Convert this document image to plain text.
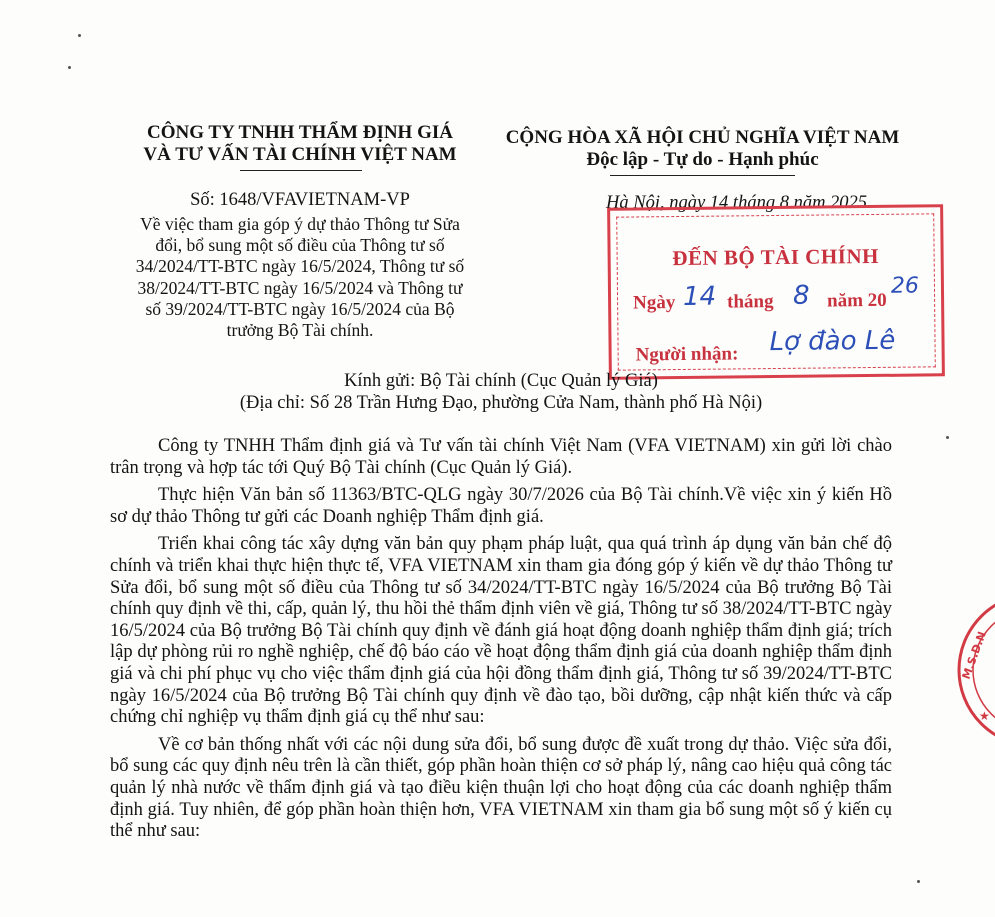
CÔNG TY TNHH THẨM ĐỊNH GIÁ
VÀ TƯ VẤN TÀI CHÍNH VIỆT NAM
CỘNG HÒA XÃ HỘI CHỦ NGHĨA VIỆT NAM
Độc lập - Tự do - Hạnh phúc
Số: 1648/VFAVIETNAM-VP
Về việc tham gia góp ý dự thảo Thông tư Sửa
đổi, bổ sung một số điều của Thông tư số
34/2024/TT-BTC ngày 16/5/2024, Thông tư số
38/2024/TT-BTC ngày 16/5/2024 và Thông tư
số 39/2024/TT-BTC ngày 16/5/2024 của Bộ
trưởng Bộ Tài chính.
Hà Nội, ngày 14 tháng 8 năm 2025
ĐẾN BỘ TÀI CHÍNH
Ngày 14 tháng 8 năm 20
26
Người nhận: Lợ đào Lê
Kính gửi: Bộ Tài chính (Cục Quản lý Giá)
(Địa chỉ: Số 28 Trần Hưng Đạo, phường Cửa Nam, thành phố Hà Nội)

Công ty TNHH Thẩm định giá và Tư vấn tài chính Việt Nam (VFA VIETNAM) xin gửi lời chào trân trọng và hợp tác tới Quý Bộ Tài chính (Cục Quản lý Giá).

Thực hiện Văn bản số 11363/BTC-QLG ngày 30/7/2026 của Bộ Tài chính.Về việc xin ý kiến Hồ sơ dự thảo Thông tư gửi các Doanh nghiệp Thẩm định giá.

Triển khai công tác xây dựng văn bản quy phạm pháp luật, qua quá trình áp dụng văn bản chế độ chính và triển khai thực hiện thực tế, VFA VIETNAM xin tham gia đóng góp ý kiến về dự thảo Thông tư Sửa đổi, bổ sung một số điều của Thông tư số 34/2024/TT-BTC ngày 16/5/2024 của Bộ trưởng Bộ Tài chính quy định về thi, cấp, quản lý, thu hồi thẻ thẩm định viên về giá, Thông tư số 38/2024/TT-BTC ngày 16/5/2024 của Bộ trưởng Bộ Tài chính quy định về đánh giá hoạt động doanh nghiệp thẩm định giá; trích lập dự phòng rủi ro nghề nghiệp, chế độ báo cáo về hoạt động thẩm định giá của doanh nghiệp thẩm định giá và chi phí phục vụ cho việc thẩm định giá của hội đồng thẩm định giá, Thông tư số 39/2024/TT-BTC ngày 16/5/2024 của Bộ trưởng Bộ Tài chính quy định về đào tạo, bồi dưỡng, cập nhật kiến thức và cấp chứng chỉ nghiệp vụ thẩm định giá cụ thể như sau:

Về cơ bản thống nhất với các nội dung sửa đổi, bổ sung được đề xuất trong dự thảo. Việc sửa đổi, bổ sung các quy định nêu trên là cần thiết, góp phần hoàn thiện cơ sở pháp lý, nâng cao hiệu quả công tác quản lý nhà nước về thẩm định giá và tạo điều kiện thuận lợi cho hoạt động của các doanh nghiệp thẩm định giá. Tuy nhiên, để góp phần hoàn thiện hơn, VFA VIETNAM xin tham gia bổ sung một số ý kiến cụ thể như sau:

M.S.D.N
★
